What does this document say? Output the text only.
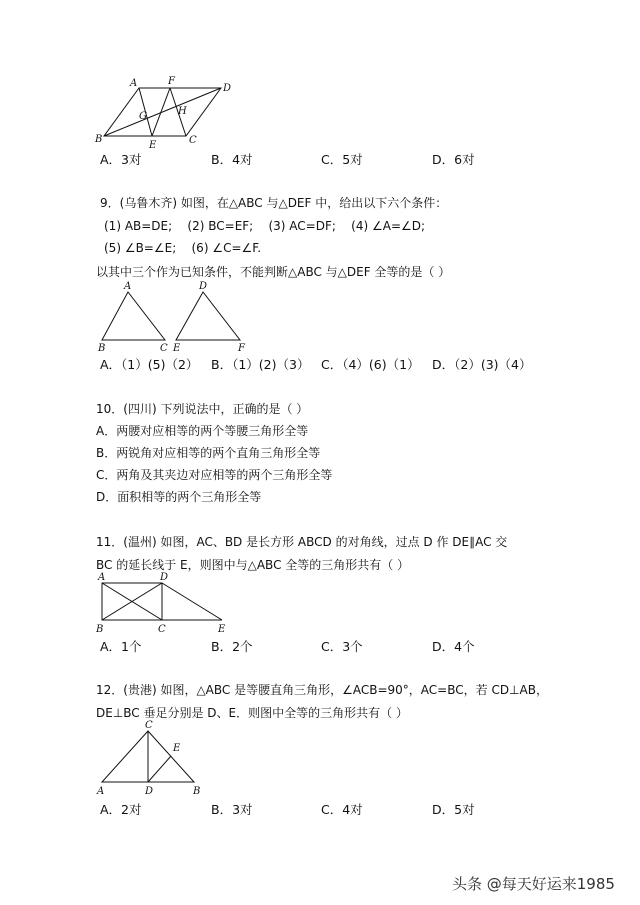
A	F
D
G	H
B
E	C
A．3对	B．4对	C．5对	D．6对
9．(乌鲁木齐) 如图，在△ABC 与△DEF 中，给出以下六个条件：
(1) AB=DE;    (2) BC=EF;    (3) AC=DF;    (4) ∠A=∠D;
(5) ∠B=∠E;    (6) ∠C=∠F.
以其中三个作为已知条件，不能判断△ABC 与△DEF 全等的是（ ）
A
B	C
D
E	F
A．（1）(5)（2） B．（1）(2)（3） C．（4）(6)（1） D．（2）(3)（4）
10．(四川) 下列说法中，正确的是（ ）
A．两腰对应相等的两个等腰三角形全等
B．两锐角对应相等的两个直角三角形全等
C．两角及其夹边对应相等的两个三角形全等
D．面积相等的两个三角形全等
11．(温州) 如图，AC、BD 是长方形 ABCD 的对角线，过点 D 作 DE∥AC 交
BC 的延长线于 E，则图中与△ABC 全等的三角形共有（ ）
A	D
B	C	E
A．1个	B．2个	C．3个	D．4个
12．(贵港) 如图，△ABC 是等腰直角三角形，∠ACB=90°，AC=BC，若 CD⊥AB，
DE⊥BC 垂足分别是 D、E．则图中全等的三角形共有（ ）
C
E
A	D	B
A．2对	B．3对	C．4对	D．5对
头条 @每天好运来1985
